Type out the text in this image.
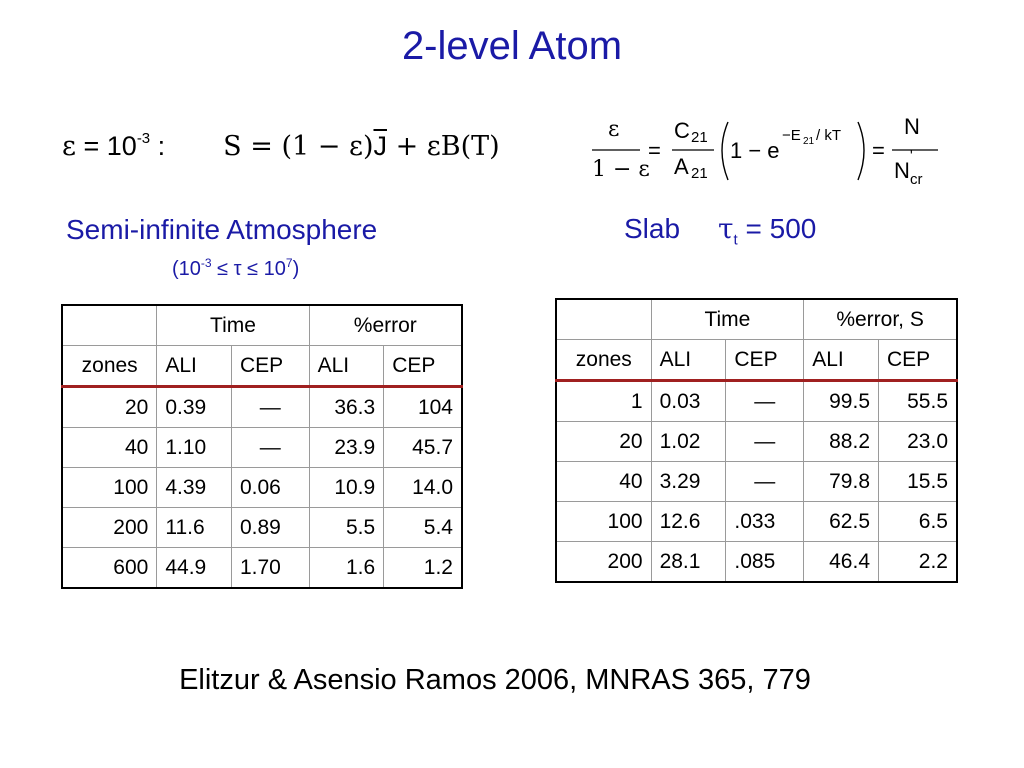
2-level Atom
$\varepsilon = 10^{-3}$ : $S = (1 - \varepsilon)\overline{J} + \varepsilon B(T)$
ε
1 − ε
=
C 21
A 21
1 − e
−E 21 / kT
=
N
N
'
cr
Semi-infinite Atmosphere
$(10^{-3} \le \tau \le 10^7)$
Slab $\tau_t = 500$
	Time		%error	
zones	ALI	CEP	ALI	CEP
20	0.39	—	36.3	104
40	1.10	—	23.9	45.7
100	4.39	0.06	10.9	14.0
200	11.6	0.89	5.5	5.4
600	44.9	1.70	1.6	1.2
	Time		%error, S	
zones	ALI	CEP	ALI	CEP
1	0.03	—	99.5	55.5
20	1.02	—	88.2	23.0
40	3.29	—	79.8	15.5
100	12.6	.033	62.5	6.5
200	28.1	.085	46.4	2.2
Elitzur & Asensio Ramos 2006, MNRAS 365, 779
